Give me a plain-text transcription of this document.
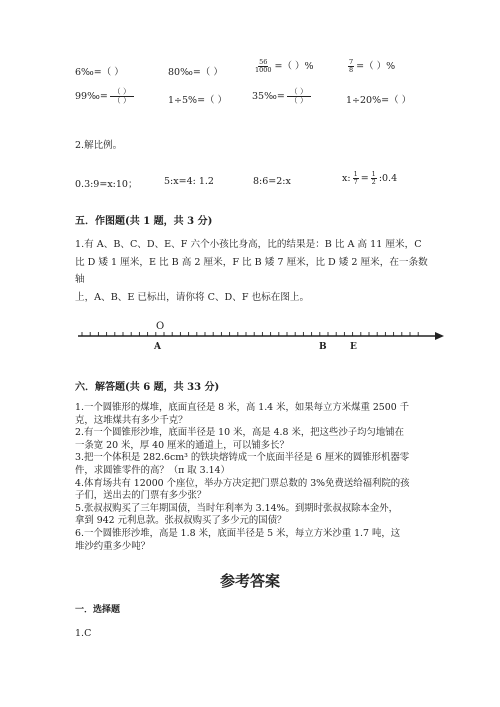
6‰=（ ）	80‰=（ ）	$\frac{56}{1000}$ =（ ）%	$\frac{7}{8}$ =（ ）%
99‰= $\frac{( )}{( )}$	1÷5%=（ ）	35‰= $\frac{( )}{( )}$	1÷20%=（ ）
2.解比例。
0.3:9=x:10；	5:x=4: 1.2	8:6=2:x	x: $\frac{1}{7} = \frac{1}{2}$ :0.4
五．作图题(共 1 题，共 3 分)
1.有 A、B、C、D、E、F 六个小孩比身高，比的结果是：B 比 A 高 11 厘米，C
比 D 矮 1 厘米，E 比 B 高 2 厘米，F 比 B 矮 7 厘米，比 D 矮 2 厘米，在一条数轴
上，A、B、E 已标出，请你将 C、D、F 也标在图上。
O
A	B	E
六．解答题(共 6 题，共 33 分)
1.一个圆锥形的煤堆，底面直径是 8 米，高 1.4 米，如果每立方米煤重 2500 千
克，这堆煤共有多少千克？
2.有一个圆锥形沙堆，底面半径是 10 米，高是 4.8 米，把这些沙子均匀地铺在
一条宽 20 米，厚 40 厘米的通道上，可以铺多长？
3.把一个体积是 282.6cm³ 的铁块熔铸成一个底面半径是 6 厘米的圆锥形机器零
件，求圆锥零件的高？（π 取 3.14）
4.体育场共有 12000 个座位，举办方决定把门票总数的 3%免费送给福利院的孩
子们，送出去的门票有多少张？
5.张叔叔购买了三年期国债，当时年利率为 3.14%。到期时张叔叔除本金外，
拿到 942 元利息款。张叔叔购买了多少元的国债？
6.一个圆锥形沙堆，高是 1.8 米，底面半径是 5 米，每立方米沙重 1.7 吨，这
堆沙约重多少吨？
参考答案
一．选择题
1.C
